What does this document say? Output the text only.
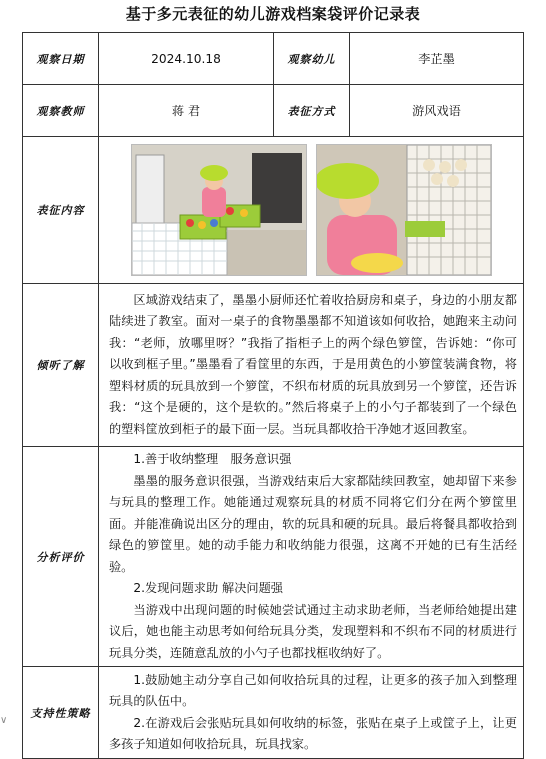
基于多元表征的幼儿游戏档案袋评价记录表
观察日期	2024.10.18	观察幼儿	李芷墨
观察教师	蒋 君	表征方式	游风戏语
表征内容	

倾听了解	区域游戏结束了，墨墨小厨师还忙着收拾厨房和桌子，身边的小朋友都陆续进了教室。面对一桌子的食物墨墨都不知道该如何收拾，她跑来主动问我：“老师，放哪里呀？”我指了指柜子上的两个绿色箩筐，告诉她：“你可以收到框子里。”墨墨看了看筐里的东西，于是用黄色的小箩筐装满食物，将塑料材质的玩具放到一个箩筐，不织布材质的玩具放到另一个箩筐，还告诉我：“这个是硬的，这个是软的。”然后将桌子上的小勺子都装到了一个绿色的塑料筐放到柜子的最下面一层。当玩具都收拾干净她才返回教室。		

分析评价	1.善于收纳整理　服务意识强

墨墨的服务意识很强，当游戏结束后大家都陆续回教室，她却留下来参与玩具的整理工作。她能通过观察玩具的材质不同将它们分在两个箩筐里面。并能准确说出区分的理由，软的玩具和硬的玩具。最后将餐具都收拾到绿色的箩筐里。她的动手能力和收纳能力很强，这离不开她的已有生活经验。

2.发现问题求助 解决问题强

当游戏中出现问题的时候她尝试通过主动求助老师，当老师给她提出建议后，她也能主动思考如何给玩具分类，发现塑料和不织布不同的材质进行玩具分类，连随意乱放的小勺子也都找框收纳好了。		

支持性策略	1.鼓励她主动分享自己如何收拾玩具的过程，让更多的孩子加入到整理玩具的队伍中。

2.在游戏后会张贴玩具如何收纳的标签，张贴在桌子上或筐子上，让更多孩子知道如何收拾玩具，玩具找家。		

∨
